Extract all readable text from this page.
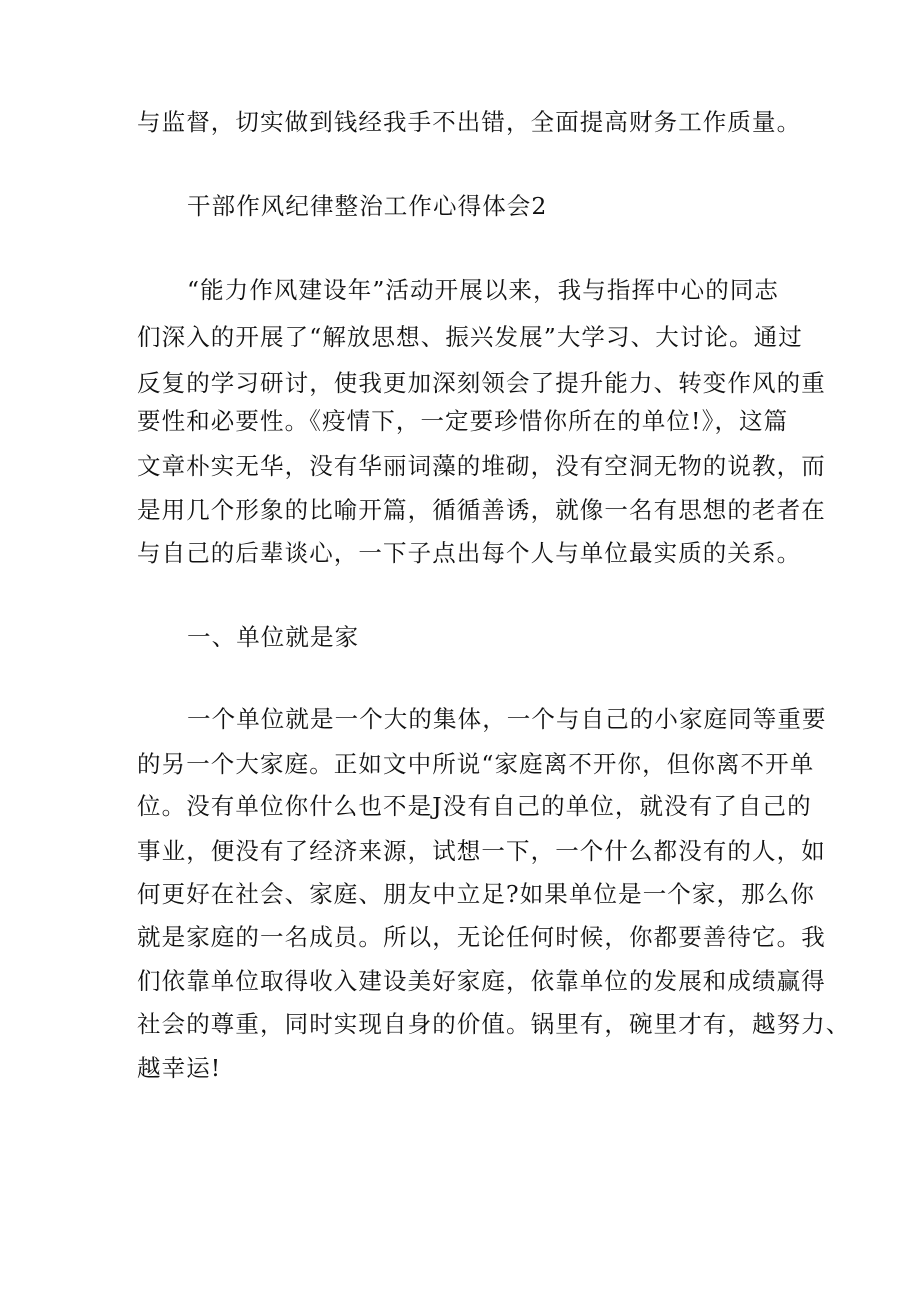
与监督，切实做到钱经我手不出错，全面提高财务工作质量。
干部作风纪律整治工作心得体会2
“能力作风建设年”活动开展以来，我与指挥中心的同志
们深入的开展了“解放思想、振兴发展”大学习、大讨论。通过
反复的学习研讨，使我更加深刻领会了提升能力、转变作风的重
要性和必要性。《疫情下，一定要珍惜你所在的单位!》，这篇
文章朴实无华，没有华丽词藻的堆砌，没有空洞无物的说教，而
是用几个形象的比喻开篇，循循善诱，就像一名有思想的老者在
与自己的后辈谈心，一下子点出每个人与单位最实质的关系。
一、单位就是家
一个单位就是一个大的集体，一个与自己的小家庭同等重要
的另一个大家庭。正如文中所说“家庭离不开你，但你离不开单
位。没有单位你什么也不是J没有自己的单位，就没有了自己的
事业，便没有了经济来源，试想一下，一个什么都没有的人，如
何更好在社会、家庭、朋友中立足?如果单位是一个家，那么你
就是家庭的一名成员。所以，无论任何时候，你都要善待它。我
们依靠单位取得收入建设美好家庭，依靠单位的发展和成绩赢得
社会的尊重，同时实现自身的价值。锅里有，碗里才有，越努力、
越幸运!
